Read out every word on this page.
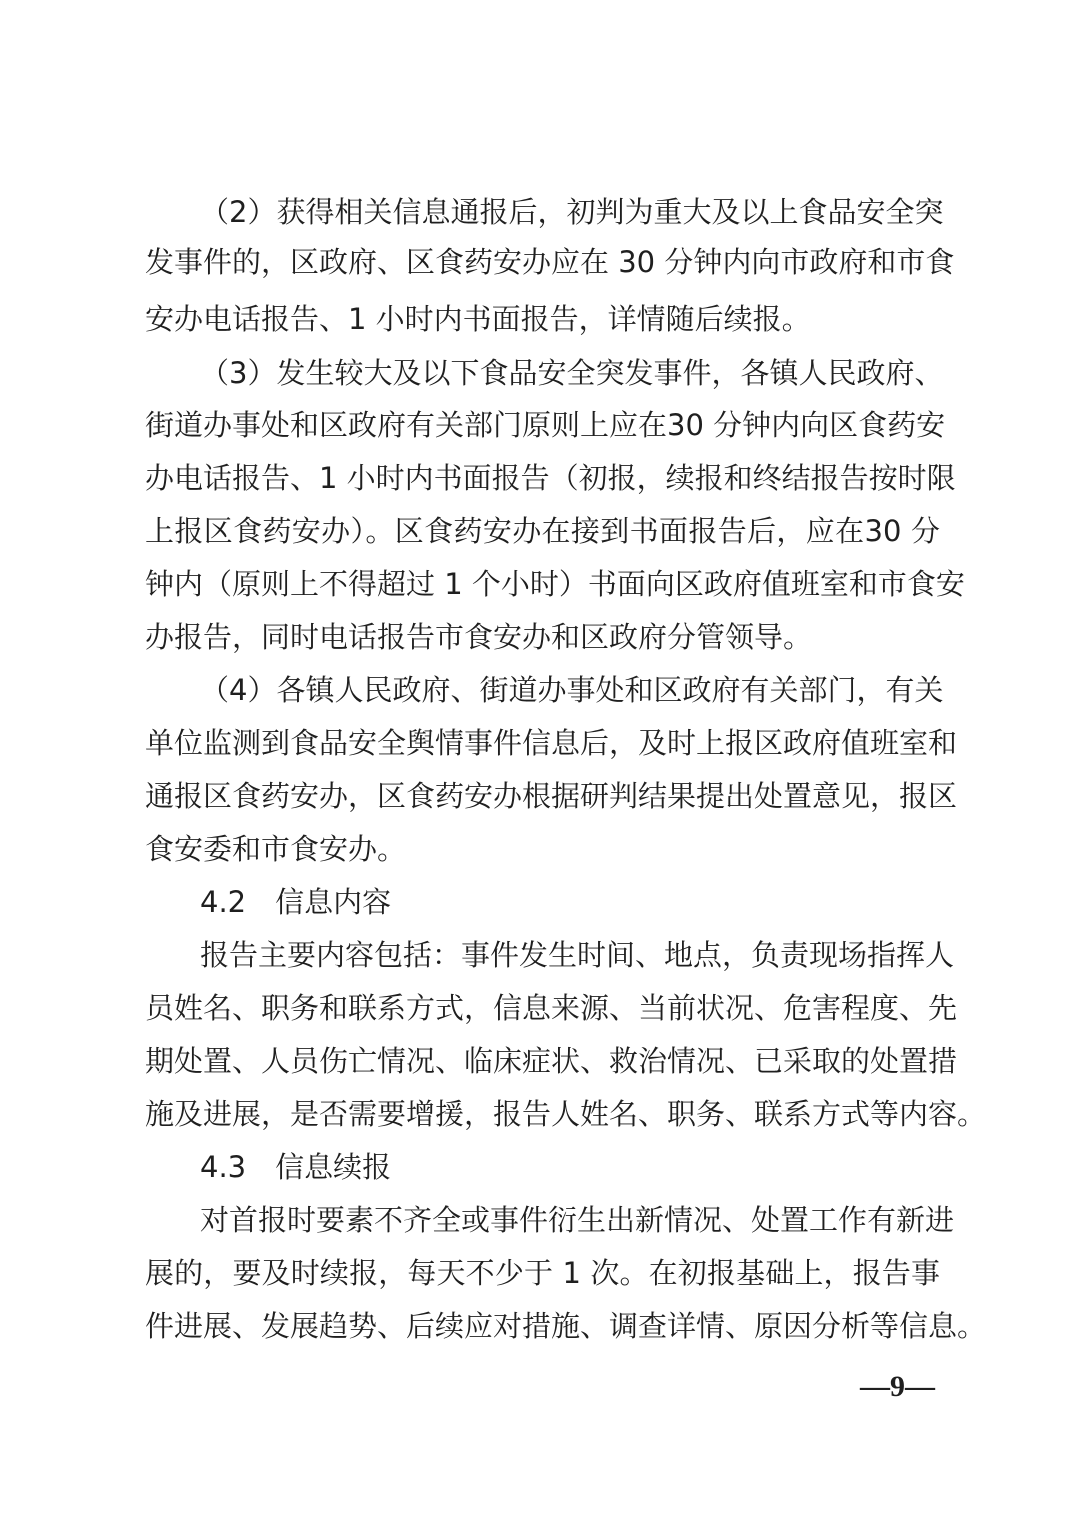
（2）获得相关信息通报后，初判为重大及以上食品安全突
发事件的，区政府、区食药安办应在 30 分钟内向市政府和市食
安办电话报告、1 小时内书面报告，详情随后续报。
（3）发生较大及以下食品安全突发事件，各镇人民政府、
街道办事处和区政府有关部门原则上应在30 分钟内向区食药安
办电话报告、1 小时内书面报告（初报，续报和终结报告按时限
上报区食药安办）。区食药安办在接到书面报告后，应在30 分
钟内（原则上不得超过 1 个小时）书面向区政府值班室和市食安
办报告，同时电话报告市食安办和区政府分管领导。
（4）各镇人民政府、街道办事处和区政府有关部门，有关
单位监测到食品安全舆情事件信息后，及时上报区政府值班室和
通报区食药安办，区食药安办根据研判结果提出处置意见，报区
食安委和市食安办。
4.2　信息内容
报告主要内容包括：事件发生时间、地点，负责现场指挥人
员姓名、职务和联系方式，信息来源、当前状况、危害程度、先
期处置、人员伤亡情况、临床症状、救治情况、已采取的处置措
施及进展，是否需要增援，报告人姓名、职务、联系方式等内容。
4.3　信息续报
对首报时要素不齐全或事件衍生出新情况、处置工作有新进
展的，要及时续报，每天不少于 1 次。在初报基础上，报告事
件进展、发展趋势、后续应对措施、调查详情、原因分析等信息。
—9—
